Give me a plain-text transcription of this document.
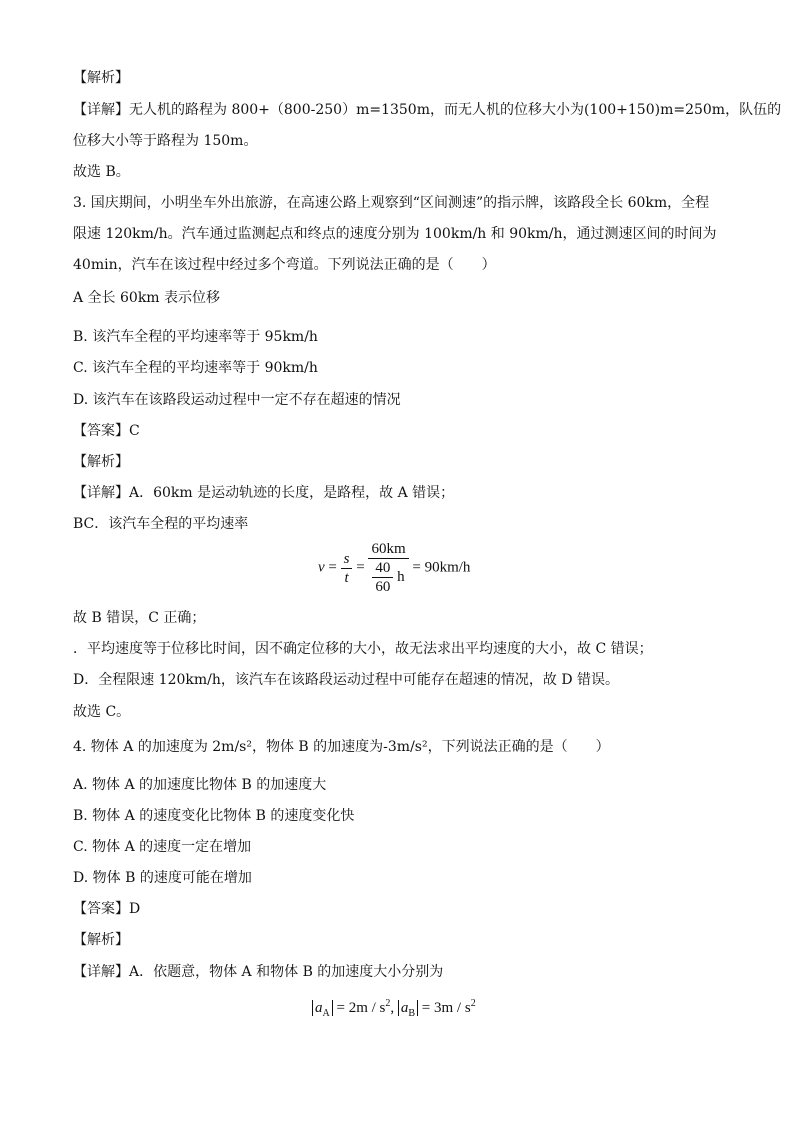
【解析】
【详解】无人机的路程为 800+（800-250）m=1350m，而无人机的位移大小为(100+150)m=250m，队伍的
位移大小等于路程为 150m。
故选 B。
3. 国庆期间，小明坐车外出旅游，在高速公路上观察到“区间测速”的指示牌，该路段全长 60km，全程
限速 120km/h。汽车通过监测起点和终点的速度分别为 100km/h 和 90km/h，通过测速区间的时间为
40min，汽车在该过程中经过多个弯道。下列说法正确的是（　　）
A 全长 60km 表示位移
B. 该汽车全程的平均速率等于 95km/h
C. 该汽车全程的平均速率等于 90km/h
D. 该汽车在该路段运动过程中一定不存在超速的情况
【答案】C
【解析】
【详解】A．60km 是运动轨迹的长度，是路程，故 A 错误；
BC．该汽车全程的平均速率
故 B 错误，C 正确；
．平均速度等于位移比时间，因不确定位移的大小，故无法求出平均速度的大小，故 C 错误；
D．全程限速 120km/h，该汽车在该路段运动过程中可能存在超速的情况，故 D 错误。
故选 C。
4. 物体 A 的加速度为 2m/s²，物体 B 的加速度为-3m/s²，下列说法正确的是（　　）
A. 物体 A 的加速度比物体 B 的加速度大
B. 物体 A 的速度变化比物体 B 的速度变化快
C. 物体 A 的速度一定在增加
D. 物体 B 的速度可能在增加
【答案】D
【解析】
【详解】A．依题意，物体 A 和物体 B 的加速度大小分别为
$v = \frac{s}{t} = \frac{60km}{\frac{40}{60} h} = 90km/h$
$a_A = 2m / s^2$, $a_B = 3m / s^2$
